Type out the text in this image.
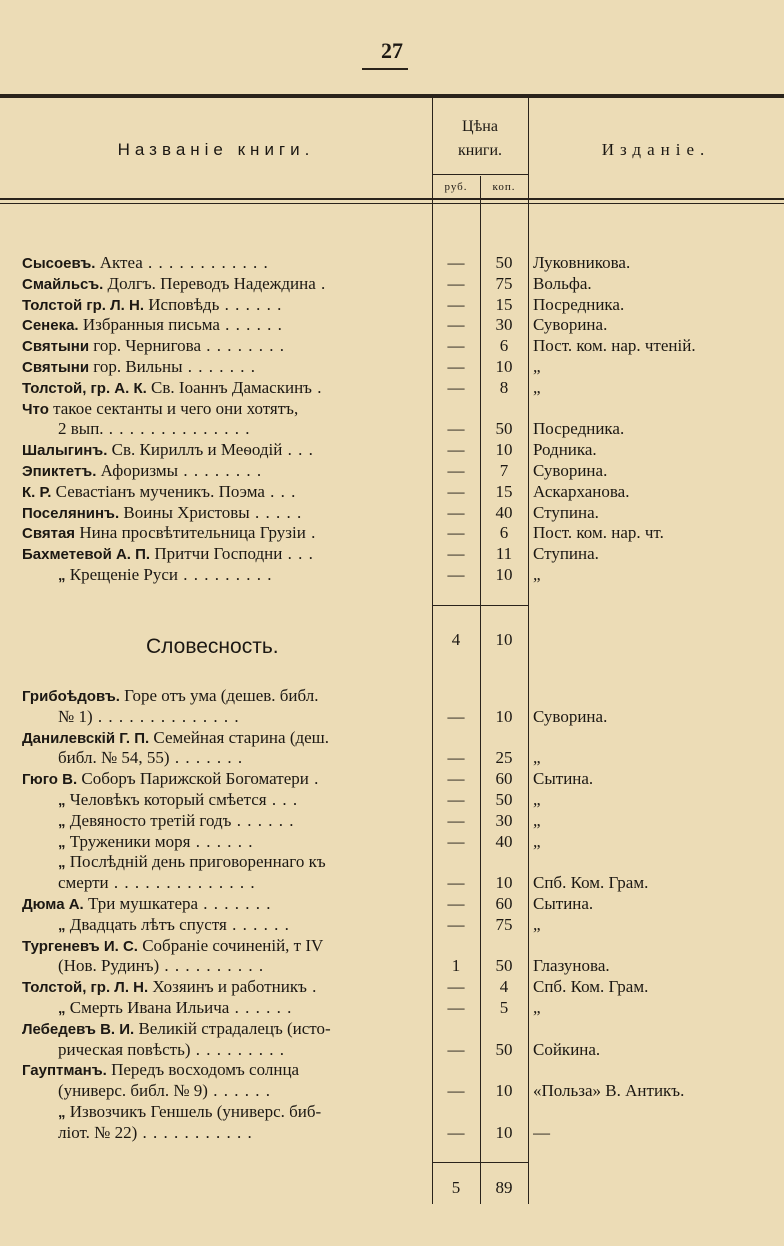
27
Названіе книги.
Цѣна
книги.
руб.	коп.
Изданіе.
Сысоевъ. Актеа . . . . . . . . . . . .	—	50	Луковникова.
Смайльсъ. Долгъ. Переводъ Надеждина .	—	75	Вольфа.
Толстой гр. Л. Н. Исповѣдь . . . . . .	—	15	Посредника.
Сенека. Избранныя письма . . . . . .	—	30	Суворина.
Святыни гор. Чернигова . . . . . . . .	—	6	Пост. ком. нар. чтеній.
Святыни гор. Вильны . . . . . . .	—	10	„
Толстой, гр. А. К. Св. Іоаннъ Дамаскинъ .	—	8	„
Что такое сектанты и чего они хотятъ,
2 вып. . . . . . . . . . . . . . .	—	50	Посредника.
Шалыгинъ. Св. Кириллъ и Меѳодій . . .	—	10	Родника.
Эпиктетъ. Афоризмы . . . . . . . .	—	7	Суворина.
К. Р. Севастіанъ мученикъ. Поэма . . .	—	15	Аскарханова.
Поселянинъ. Воины Христовы . . . . .	—	40	Ступина.
Святая Нина просвѣтительница Грузіи .	—	6	Пост. ком. нар. чт.
Бахметевой А. П. Притчи Господни . . .	—	11	Ступина.
„ Крещеніе Руси . . . . . . . . .	—	10	„
4	10
Словесность.
Грибоѣдовъ. Горе отъ ума (дешев. библ.
№ 1) . . . . . . . . . . . . . .	—	10	Суворина.
Данилевскій Г. П. Семейная старина (деш.
библ. № 54, 55) . . . . . . .	—	25	„
Гюго В. Соборъ Парижской Богоматери .	—	60	Сытина.
„ Человѣкъ который смѣется . . .	—	50	„
„ Девяносто третій годъ . . . . . .	—	30	„
„ Труженики моря . . . . . .	—	40	„
„ Послѣдній день приговореннаго къ
смерти . . . . . . . . . . . . . .	—	10	Спб. Ком. Грам.
Дюма А. Три мушкатера . . . . . . .	—	60	Сытина.
„ Двадцать лѣтъ спустя . . . . . .	—	75	„
Тургеневъ И. С. Собраніе сочиненій, т IV
(Нов. Рудинъ) . . . . . . . . . .	1	50	Глазунова.
Толстой, гр. Л. Н. Хозяинъ и работникъ .	—	4	Спб. Ком. Грам.
„ Смерть Ивана Ильича . . . . . .	—	5	„
Лебедевъ В. И. Великій страдалецъ (исто-
рическая повѣсть) . . . . . . . . .	—	50	Сойкина.
Гауптманъ. Передъ восходомъ солнца
(универс. библ. № 9) . . . . . .	—	10	«Польза» В. Антикъ.
„ Извозчикъ Геншель (универс. биб-
ліот. № 22) . . . . . . . . . . .	—	10	—
5	89
